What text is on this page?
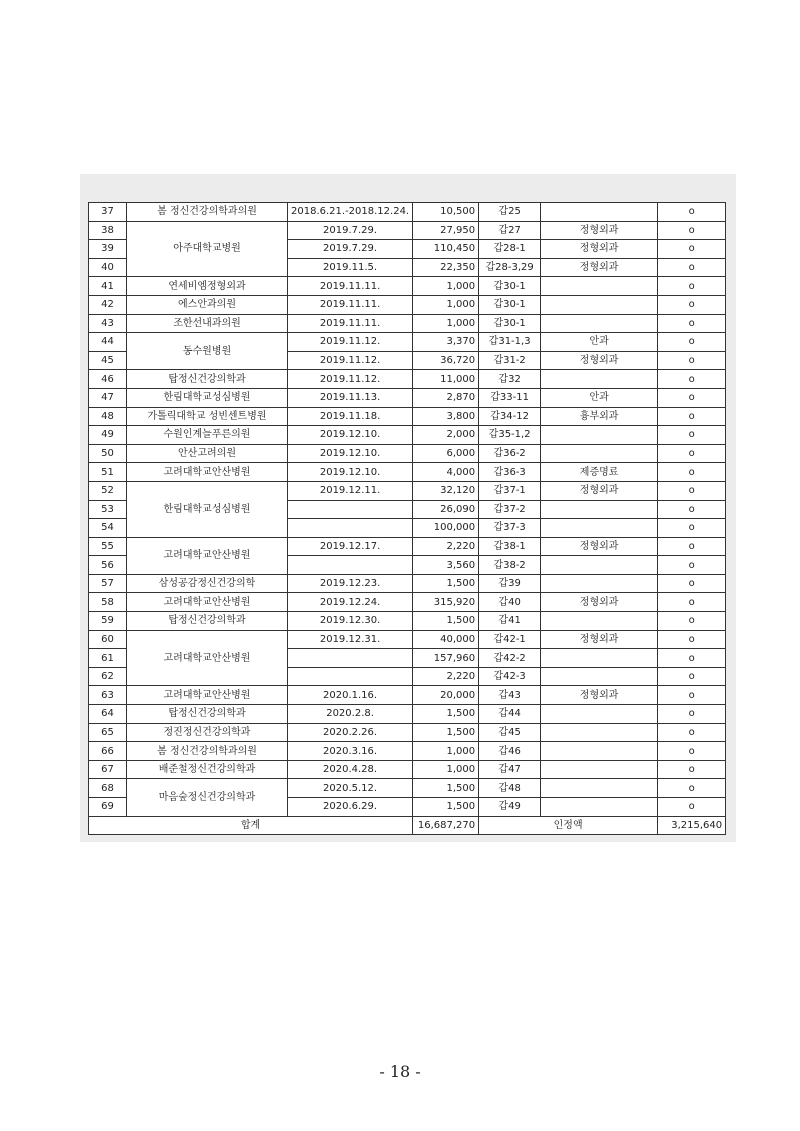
37	봄 정신건강의학과의원	2018.6.21.-2018.12.24.	10,500	갑25		o
38	아주대학교병원	2019.7.29.	27,950	갑27	정형외과	o
39		2019.7.29.	110,450	갑28-1	정형외과	o
40		2019.11.5.	22,350	갑28-3,29	정형외과	o
41	연세비엠정형외과	2019.11.11.	1,000	갑30-1		o
42	에스안과의원	2019.11.11.	1,000	갑30-1		o
43	조한선내과의원	2019.11.11.	1,000	갑30-1		o
44	동수원병원	2019.11.12.	3,370	갑31-1,3	안과	o
45		2019.11.12.	36,720	갑31-2	정형외과	o
46	탑정신건강의학과	2019.11.12.	11,000	갑32		o
47	한림대학교성심병원	2019.11.13.	2,870	갑33-11	안과	o
48	가톨릭대학교 성빈센트병원	2019.11.18.	3,800	갑34-12	흉부외과	o
49	수원인계늘푸른의원	2019.12.10.	2,000	갑35-1,2		o
50	안산고려의원	2019.12.10.	6,000	갑36-2		o
51	고려대학교안산병원	2019.12.10.	4,000	갑36-3	제증명료	o
52	한림대학교성심병원	2019.12.11.	32,120	갑37-1	정형외과	o
53			26,090	갑37-2		o
54			100,000	갑37-3		o
55	고려대학교안산병원	2019.12.17.	2,220	갑38-1	정형외과	o
56			3,560	갑38-2		o
57	삼성공감정신건강의학	2019.12.23.	1,500	갑39		o
58	고려대학교안산병원	2019.12.24.	315,920	갑40	정형외과	o
59	탑정신건강의학과	2019.12.30.	1,500	갑41		o
60	고려대학교안산병원	2019.12.31.	40,000	갑42-1	정형외과	o
61			157,960	갑42-2		o
62			2,220	갑42-3		o
63	고려대학교안산병원	2020.1.16.	20,000	갑43	정형외과	o
64	탑정신건강의학과	2020.2.8.	1,500	갑44		o
65	정진정신건강의학과	2020.2.26.	1,500	갑45		o
66	봄 정신건강의학과의원	2020.3.16.	1,000	갑46		o
67	배준철정신건강의학과	2020.4.28.	1,000	갑47		o
68	마음숲정신건강의학과	2020.5.12.	1,500	갑48		o
69		2020.6.29.	1,500	갑49		o
합계			16,687,270	인정액		3,215,640
- 18 -
